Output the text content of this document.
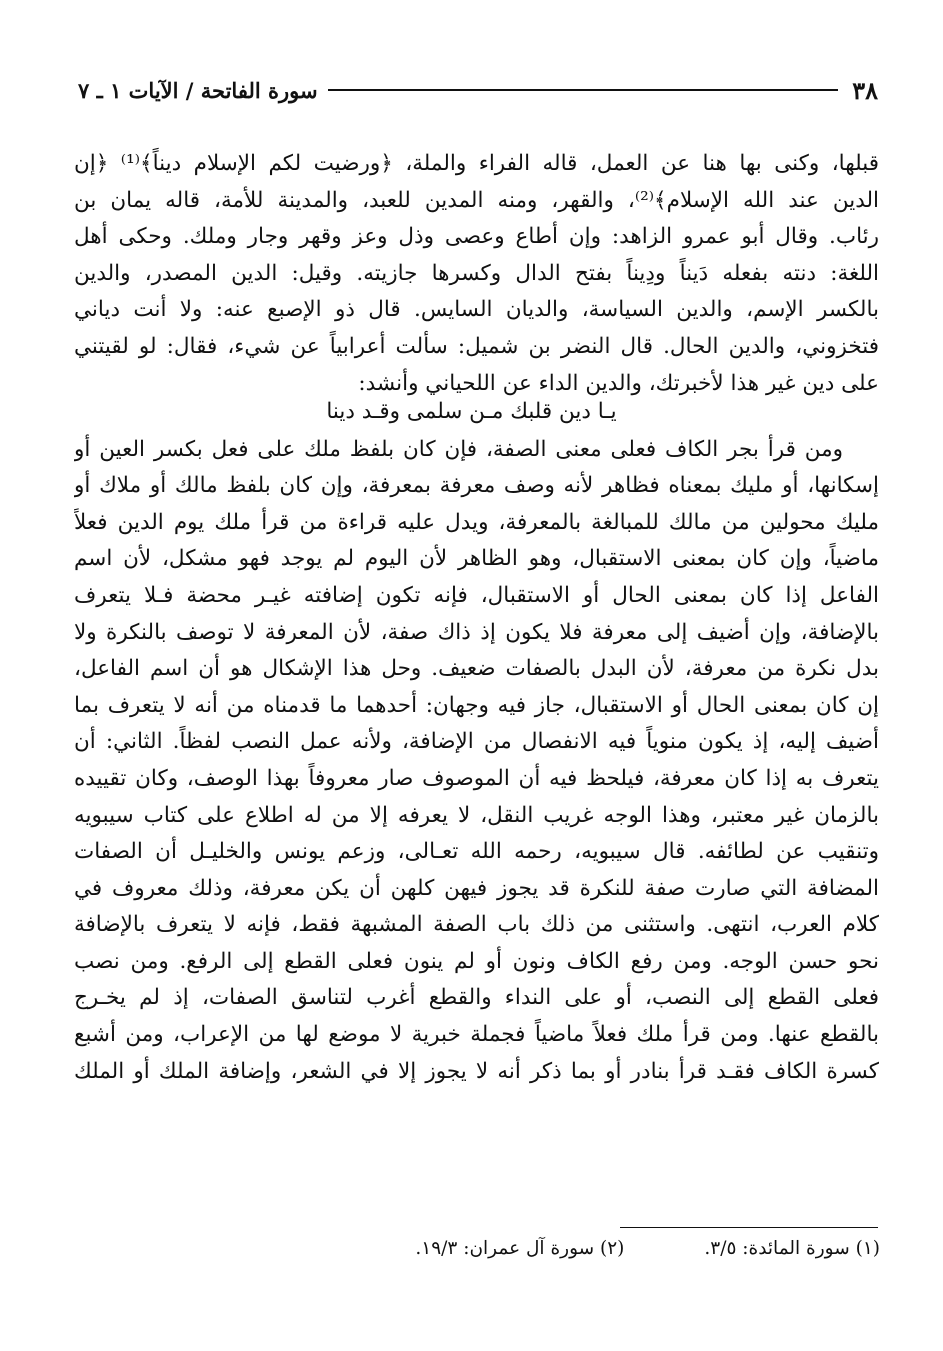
٣٨
سورة الفاتحة / الآيات ١ ـ ٧
قبلها، وكنى بها هنا عن العمل، قاله الفراء والملة، ﴿ورضيت لكم الإسلام ديناً﴾⁽¹⁾ ﴿إن
الدين عند الله الإسلام﴾⁽²⁾، والقهر، ومنه المدين للعبد، والمدينة للأمة، قاله يمان بن
رئاب. وقال أبو عمرو الزاهد: وإن أطاع وعصى وذل وعز وقهر وجار وملك. وحكى أهل
اللغة: دنته بفعله دَيناً ودِيناً بفتح الدال وكسرها جازيته. وقيل: الدين المصدر، والدين
بالكسر الإسم، والدين السياسة، والديان السايس. قال ذو الإصبع عنه: ولا أنت دياني
فتخزوني، والدين الحال. قال النضر بن شميل: سألت أعرابياً عن شيء، فقال: لو لقيتني
على دين غير هذا لأخبرتك، والدين الداء عن اللحياني وأنشد:
يـا دين قلبك مـن سلمى وقـد دينا
ومن قرأ بجر الكاف فعلى معنى الصفة، فإن كان بلفظ ملك على فعل بكسر العين أو
إسكانها، أو مليك بمعناه فظاهر لأنه وصف معرفة بمعرفة، وإن كان بلفظ مالك أو ملاك أو
مليك محولين من مالك للمبالغة بالمعرفة، ويدل عليه قراءة من قرأ ملك يوم الدين فعلاً
ماضياً، وإن كان بمعنى الاستقبال، وهو الظاهر لأن اليوم لم يوجد فهو مشكل، لأن اسم
الفاعل إذا كان بمعنى الحال أو الاستقبال، فإنه تكون إضافته غيـر محضة فـلا يتعرف
بالإضافة، وإن أضيف إلى معرفة فلا يكون إذ ذاك صفة، لأن المعرفة لا توصف بالنكرة ولا
بدل نكرة من معرفة، لأن البدل بالصفات ضعيف. وحل هذا الإشكال هو أن اسم الفاعل،
إن كان بمعنى الحال أو الاستقبال، جاز فيه وجهان: أحدهما ما قدمناه من أنه لا يتعرف بما
أضيف إليه، إذ يكون منوياً فيه الانفصال من الإضافة، ولأنه عمل النصب لفظاً. الثاني: أن
يتعرف به إذا كان معرفة، فيلحظ فيه أن الموصوف صار معروفاً بهذا الوصف، وكان تقييده
بالزمان غير معتبر، وهذا الوجه غريب النقل، لا يعرفه إلا من له اطلاع على كتاب سيبويه
وتنقيب عن لطائفه. قال سيبويه، رحمه الله تعـالى، وزعم يونس والخليـل أن الصفات
المضافة التي صارت صفة للنكرة قد يجوز فيهن كلهن أن يكن معرفة، وذلك معروف في
كلام العرب، انتهى. واستثنى من ذلك باب الصفة المشبهة فقط، فإنه لا يتعرف بالإضافة
نحو حسن الوجه. ومن رفع الكاف ونون أو لم ينون فعلى القطع إلى الرفع. ومن نصب
فعلى القطع إلى النصب، أو على النداء والقطع أغرب لتناسق الصفات، إذ لم يخـرج
بالقطع عنها. ومن قرأ ملك فعلاً ماضياً فجملة خبرية لا موضع لها من الإعراب، ومن أشبع
كسرة الكاف فقـد قرأ بنادر أو بما ذكر أنه لا يجوز إلا في الشعر، وإضافة الملك أو الملك
(١) سورة المائدة: ٣/٥.
(٢) سورة آل عمران: ١٩/٣.
